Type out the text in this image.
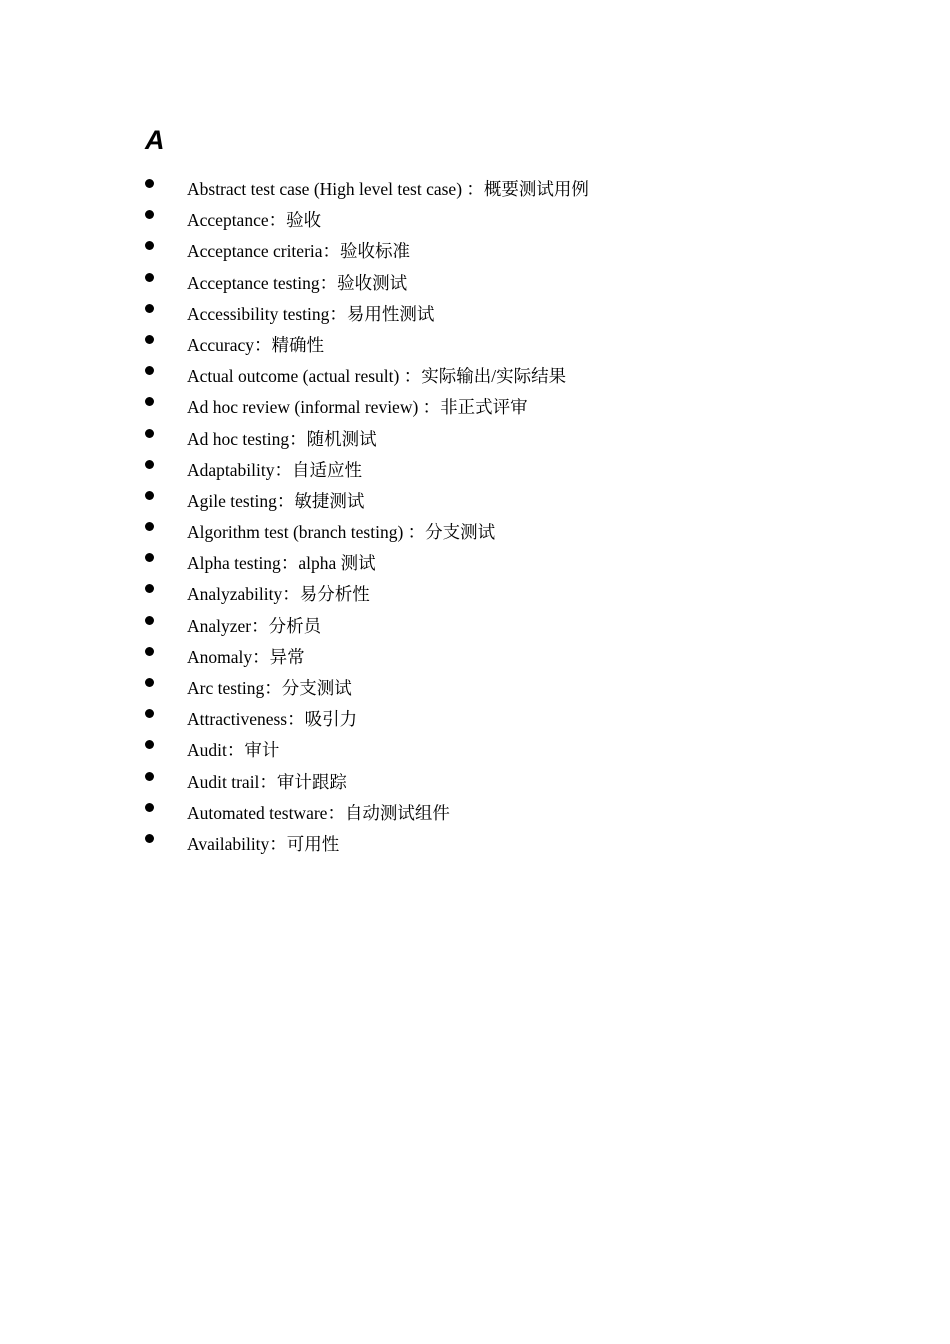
A
Abstract test case (High level test case) ：概要测试用例
Acceptance：验收
Acceptance criteria：验收标准
Acceptance testing：验收测试
Accessibility testing：易用性测试
Accuracy：精确性
Actual outcome (actual result) ：实际输出/实际结果
Ad hoc review (informal review) ：非正式评审
Ad hoc testing：随机测试
Adaptability：自适应性
Agile testing：敏捷测试
Algorithm test (branch testing) ：分支测试
Alpha testing：alpha 测试
Analyzability：易分析性
Analyzer：分析员
Anomaly：异常
Arc testing：分支测试
Attractiveness：吸引力
Audit：审计
Audit trail：审计跟踪
Automated testware：自动测试组件
Availability：可用性
